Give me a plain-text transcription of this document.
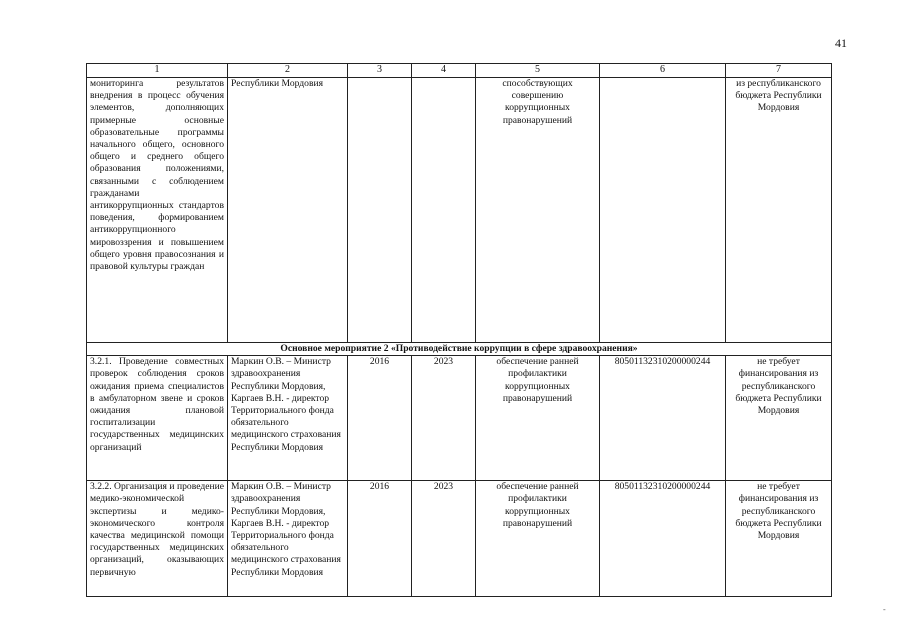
41
1	2	3	4	5	6	7
мониторинга результатов внедрения в процесс обучения элементов, дополняющих примерные основные образовательные программы начального общего, основного общего и среднего общего образования положениями, связанными с соблюдением гражданами антикоррупционных стандартов поведения, формированием антикоррупционного мировоззрения и повышением общего уровня правосознания и правовой культуры граждан	Республики Мордовия			способствующих совершению коррупционных правонарушений		из республиканского бюджета Республики Мордовия
Основное мероприятие 2 «Противодействие коррупции в сфере здравоохранения»						
3.2.1. Проведение совместных проверок соблюдения сроков ожидания приема специалистов в амбулаторном звене и сроков ожидания плановой госпитализации государственных медицинских организаций	Маркин О.В. – Министр здравоохранения Республики Мордовия, Каргаев В.Н. - директор Территориального фонда обязательного медицинского страхования Республики Мордовия	2016	2023	обеспечение ранней профилактики коррупционных правонарушений	80501132310200000244	не требует финансирования из республиканского бюджета Республики Мордовия
3.2.2. Организация и проведение медико-экономической экспертизы и медико-экономического контроля качества медицинской помощи государственных медицинских организаций, оказывающих первичную	Маркин О.В. – Министр здравоохранения Республики Мордовия, Каргаев В.Н. - директор Территориального фонда обязательного медицинского страхования Республики Мордовия	2016	2023	обеспечение ранней профилактики коррупционных правонарушений	80501132310200000244	не требует финансирования из республиканского бюджета Республики Мордовия
-
